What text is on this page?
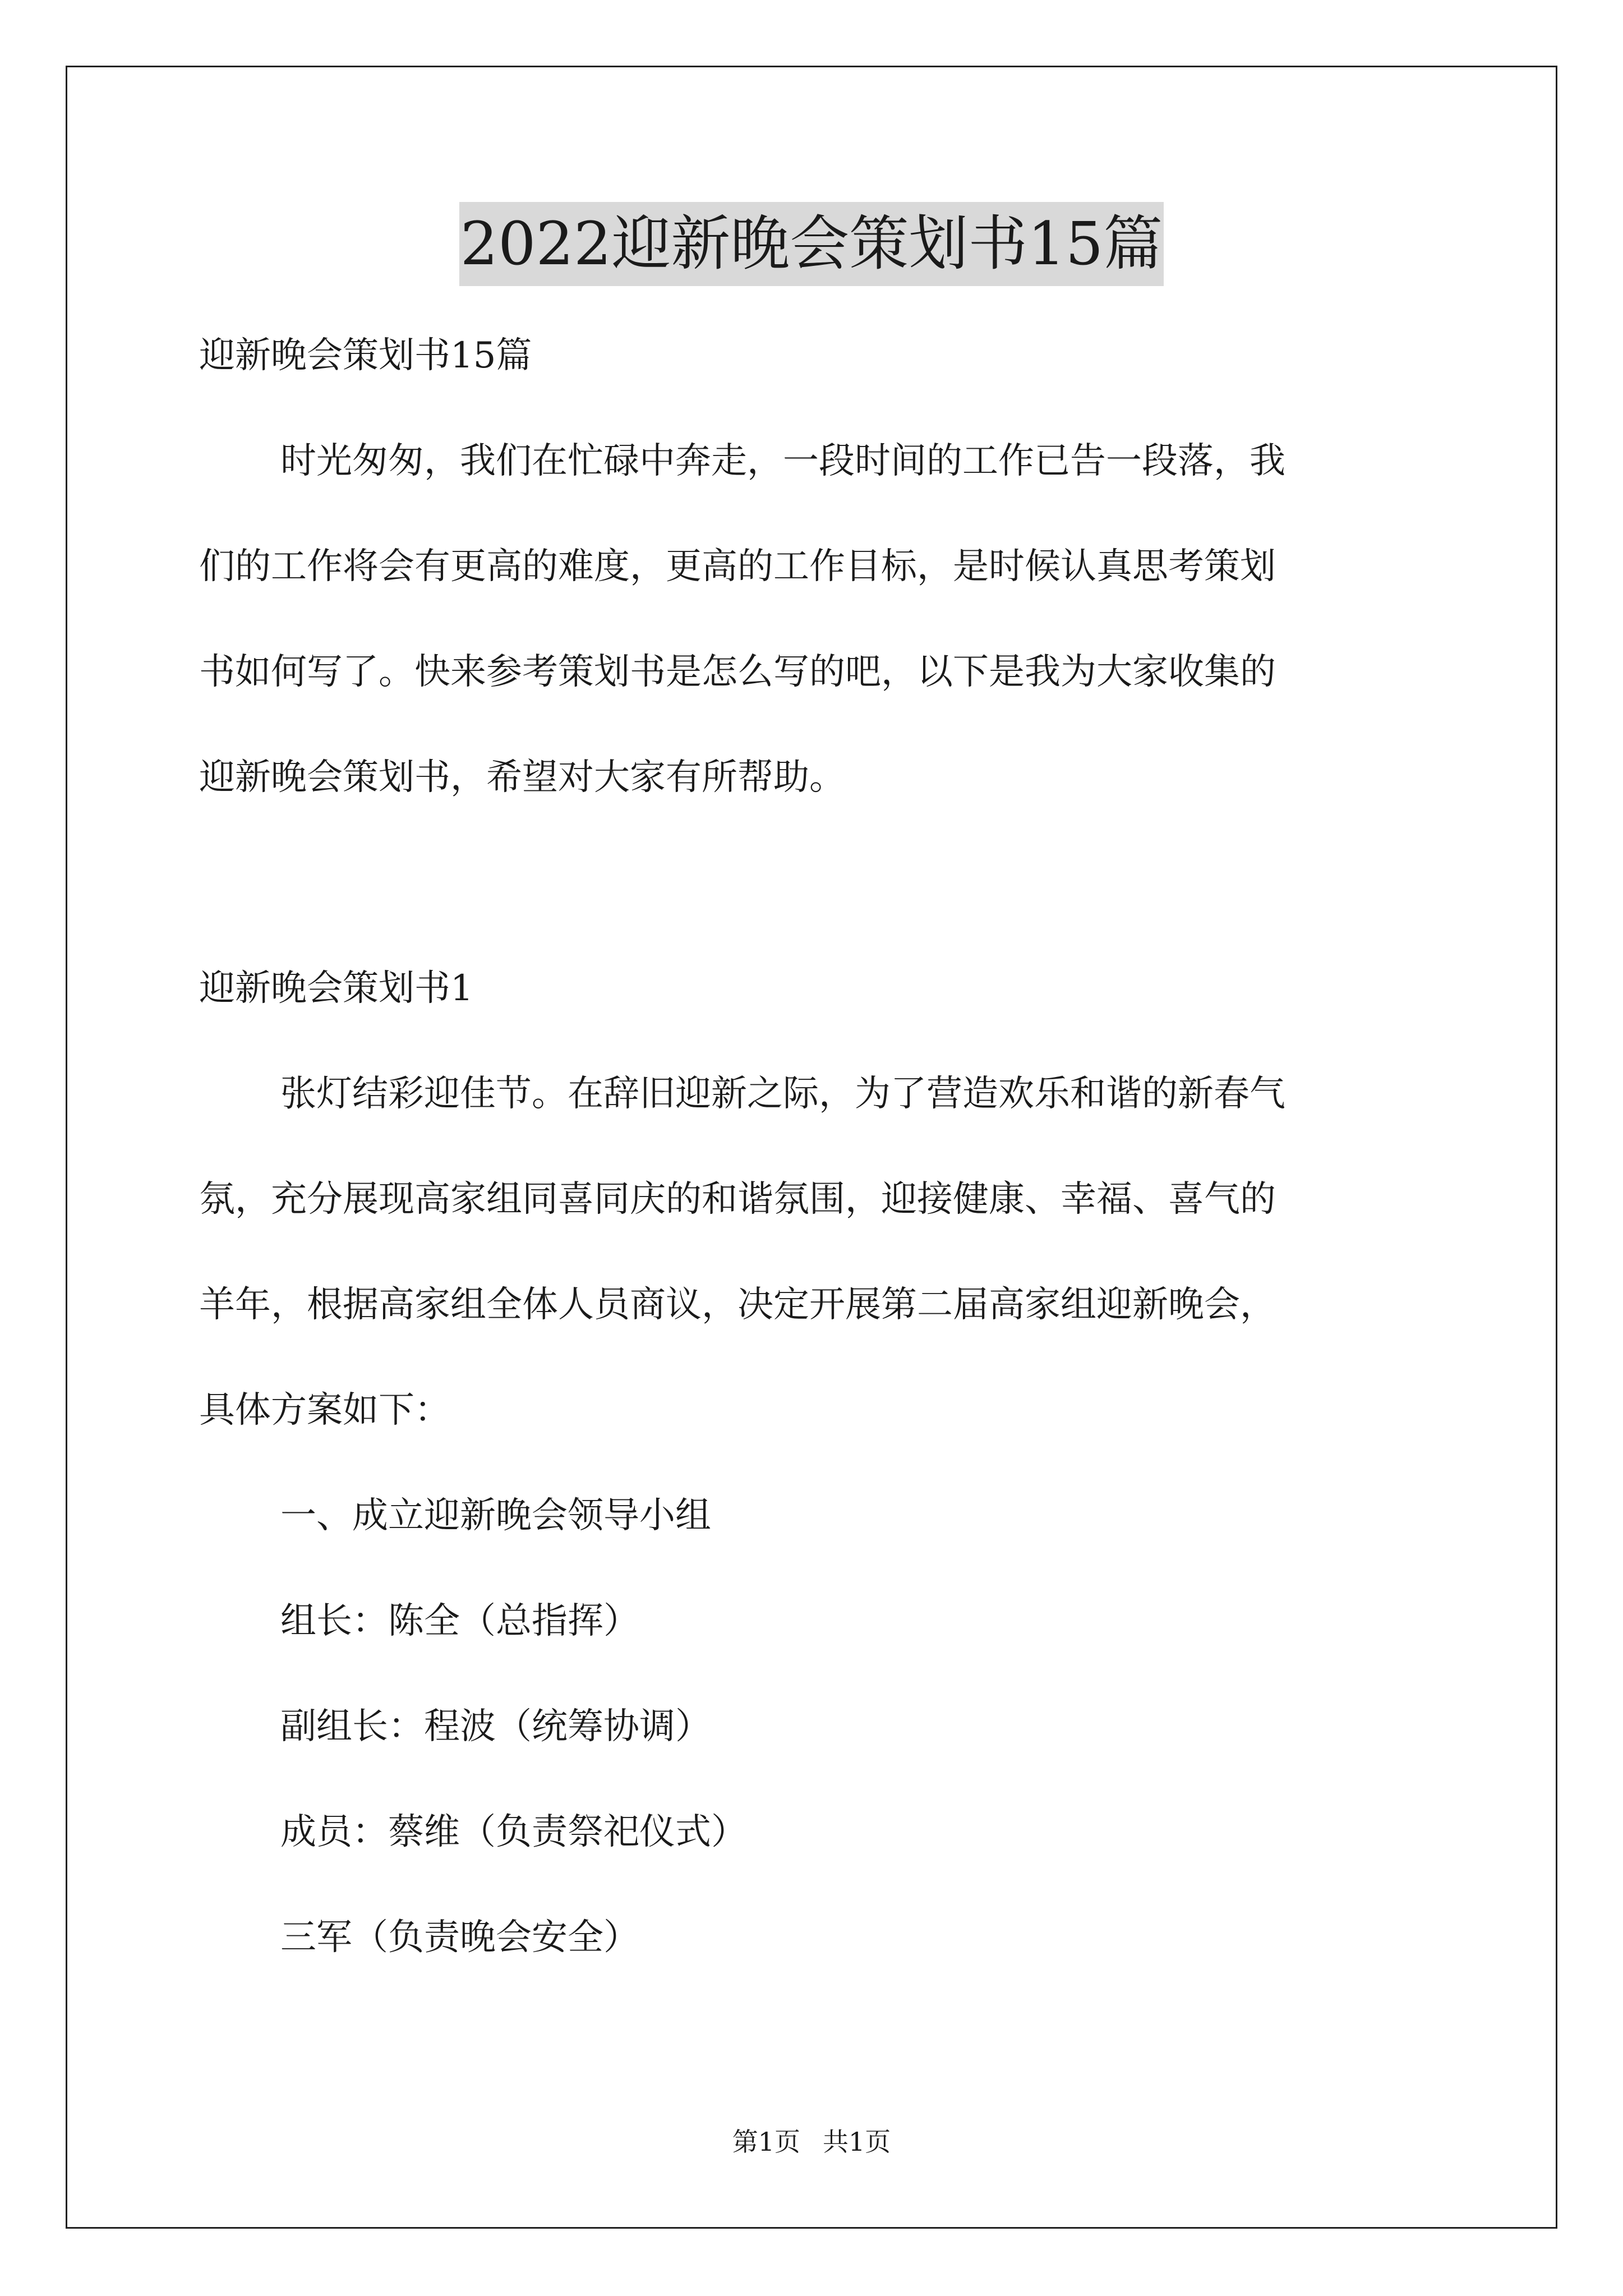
2022迎新晚会策划书15篇
迎新晚会策划书15篇
时光匆匆，我们在忙碌中奔走，一段时间的工作已告一段落，我
们的工作将会有更高的难度，更高的工作目标，是时候认真思考策划
书如何写了。快来参考策划书是怎么写的吧，以下是我为大家收集的
迎新晚会策划书，希望对大家有所帮助。
迎新晚会策划书1
张灯结彩迎佳节。在辞旧迎新之际，为了营造欢乐和谐的新春气
氛，充分展现高家组同喜同庆的和谐氛围，迎接健康、幸福、喜气的
羊年，根据高家组全体人员商议，决定开展第二届高家组迎新晚会，
具体方案如下：
一、成立迎新晚会领导小组
组长：陈全（总指挥）
副组长：程波（统筹协调）
成员：蔡维（负责祭祀仪式）
三军（负责晚会安全）
第1页 共1页
